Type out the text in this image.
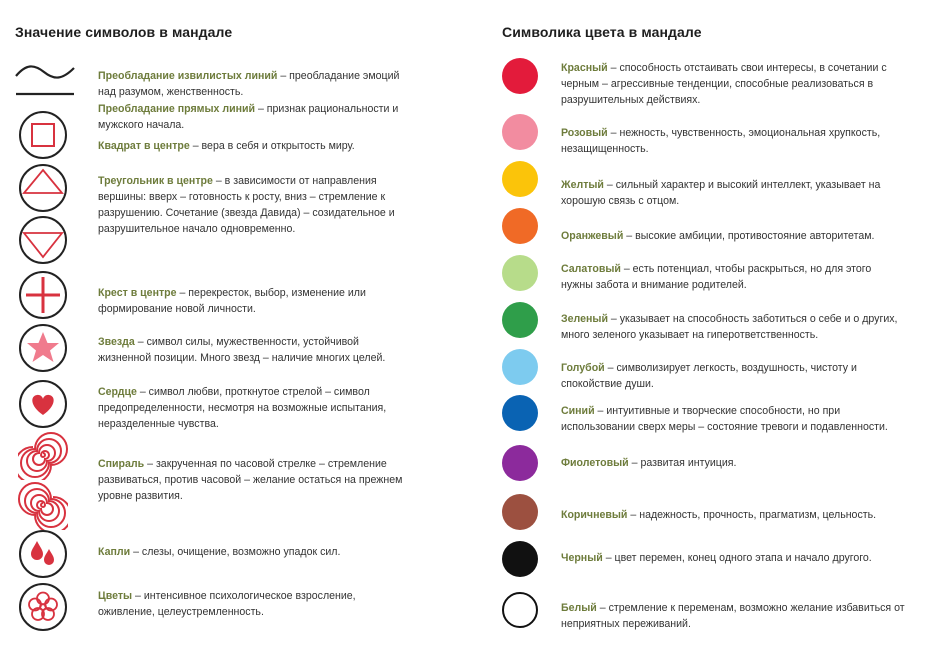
Значение символов в мандале	Символика цвета в мандале
Преобладание извилистых линий – преобладание эмоций над разумом, женственность.
Преобладание прямых линий – признак рациональности и мужского начала.
Квадрат в центре – вера в себя и открытость миру.
Треугольник в центре – в зависимости от направления вершины: вверх – готовность к росту, вниз – стремление к разрушению. Сочетание (звезда Давида) – созидательное и разрушительное начало одновременно.
Крест в центре – перекресток, выбор, изменение или формирование новой личности.
Звезда – символ силы, мужественности, устойчивой жизненной позиции. Много звезд – наличие многих целей.
Сердце – символ любви, проткнутое стрелой – символ предопределенности, несмотря на возможные испытания, неразделенные чувства.
Спираль – закрученная по часовой стрелке – стремление развиваться, против часовой – желание остаться на прежнем уровне развития.
Капли – слезы, очищение, возможно упадок сил.
Цветы – интенсивное психологическое взросление, оживление, целеустремленность.
Красный – способность отстаивать свои интересы, в сочетании с черным – агрессивные тенденции, способные реализоваться в разрушительных действиях.
Розовый – нежность, чувственность, эмоциональная хрупкость, незащищенность.
Желтый – сильный характер и высокий интеллект, указывает на хорошую связь с отцом.
Оранжевый – высокие амбиции, противостояние авторитетам.
Салатовый – есть потенциал, чтобы раскрыться, но для этого нужны забота и внимание родителей.
Зеленый – указывает на способность заботиться о себе и о других, много зеленого указывает на гиперответственность.
Голубой – символизирует легкость, воздушность, чистоту и спокойствие души.
Синий – интуитивные и творческие способности, но при использовании сверх меры – состояние тревоги и подавленности.
Фиолетовый – развитая интуиция.
Коричневый – надежность, прочность, прагматизм, цельность.
Черный – цвет перемен, конец одного этапа и начало другого.
Белый – стремление к переменам, возможно желание избавиться от неприятных переживаний.
